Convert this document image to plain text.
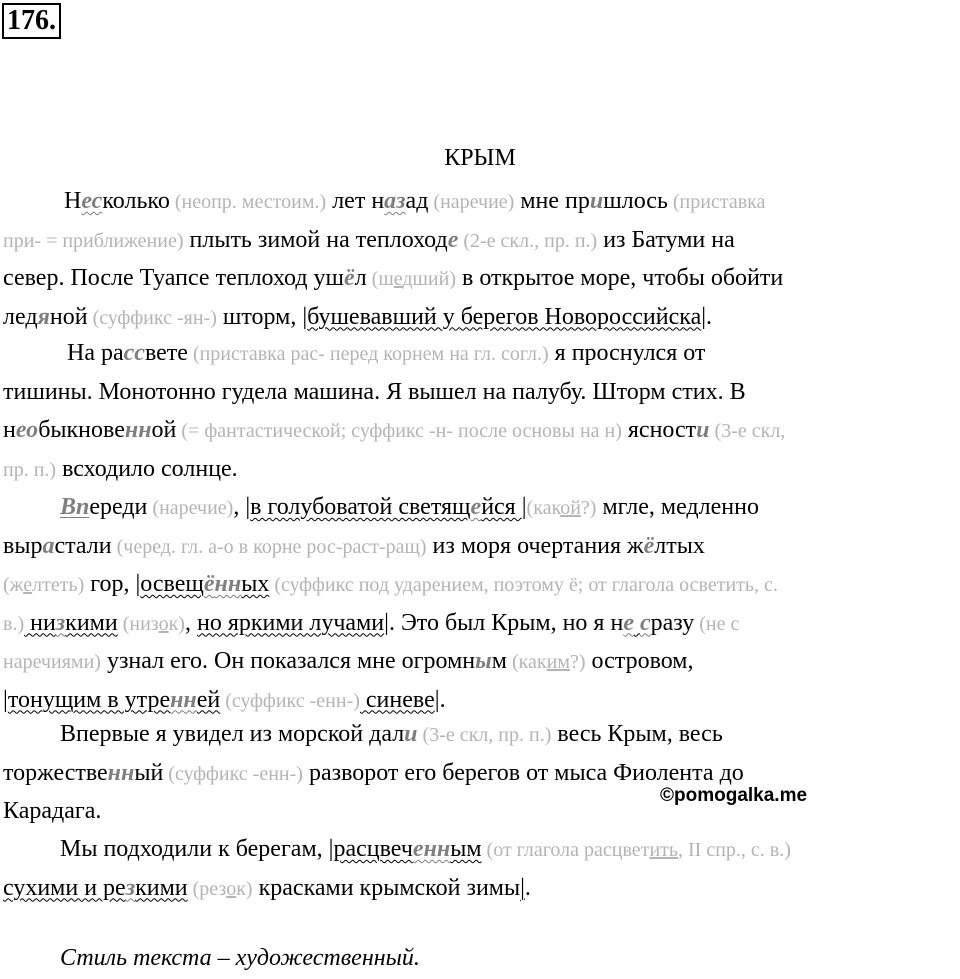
176.
КРЫМ
Несколько (неопр. местоим.) лет назад (наречие) мне пришлось (приставка
при- = приближение) плыть зимой на теплоходе (2-е скл., пр. п.) из Батуми на
север. После Туапсе теплоход ушёл (шедший) в открытое море, чтобы обойти
ледяной (суффикс -ян-) шторм, |бушевавший у берегов Новороссийска|.
На рассвете (приставка рас- перед корнем на гл. согл.) я проснулся от
тишины. Монотонно гудела машина. Я вышел на палубу. Шторм стих. В
необыкновенной (= фантастической; суффикс -н- после основы на н) ясности (3-е скл,
пр. п.) всходило солнце.
Впереди (наречие), |в голубоватой светящейся |(какой?) мгле, медленно
вырастали (черед. гл. а-о в корне рос-раст-ращ) из моря очертания жёлтых
(желтеть) гор, |освещённых (суффикс под ударением, поэтому ё; от глагола осветить, с.
в.) низкими (низок), но яркими лучами|. Это был Крым, но я не сразу (не с
наречиями) узнал его. Он показался мне огромным (каким?) островом,
|тонущим в утренней (суффикс -енн-) синеве|.
Впервые я увидел из морской дали (3-е скл, пр. п.) весь Крым, весь
торжественный (суффикс -енн-) разворот его берегов от мыса Фиолента до
Карадага.
©pomogalka.me
Мы подходили к берегам, |расцвеченным (от глагола расцветить, II спр., с. в.)
сухими и резкими (резок) красками крымской зимы|.
Стиль текста – художественный.
